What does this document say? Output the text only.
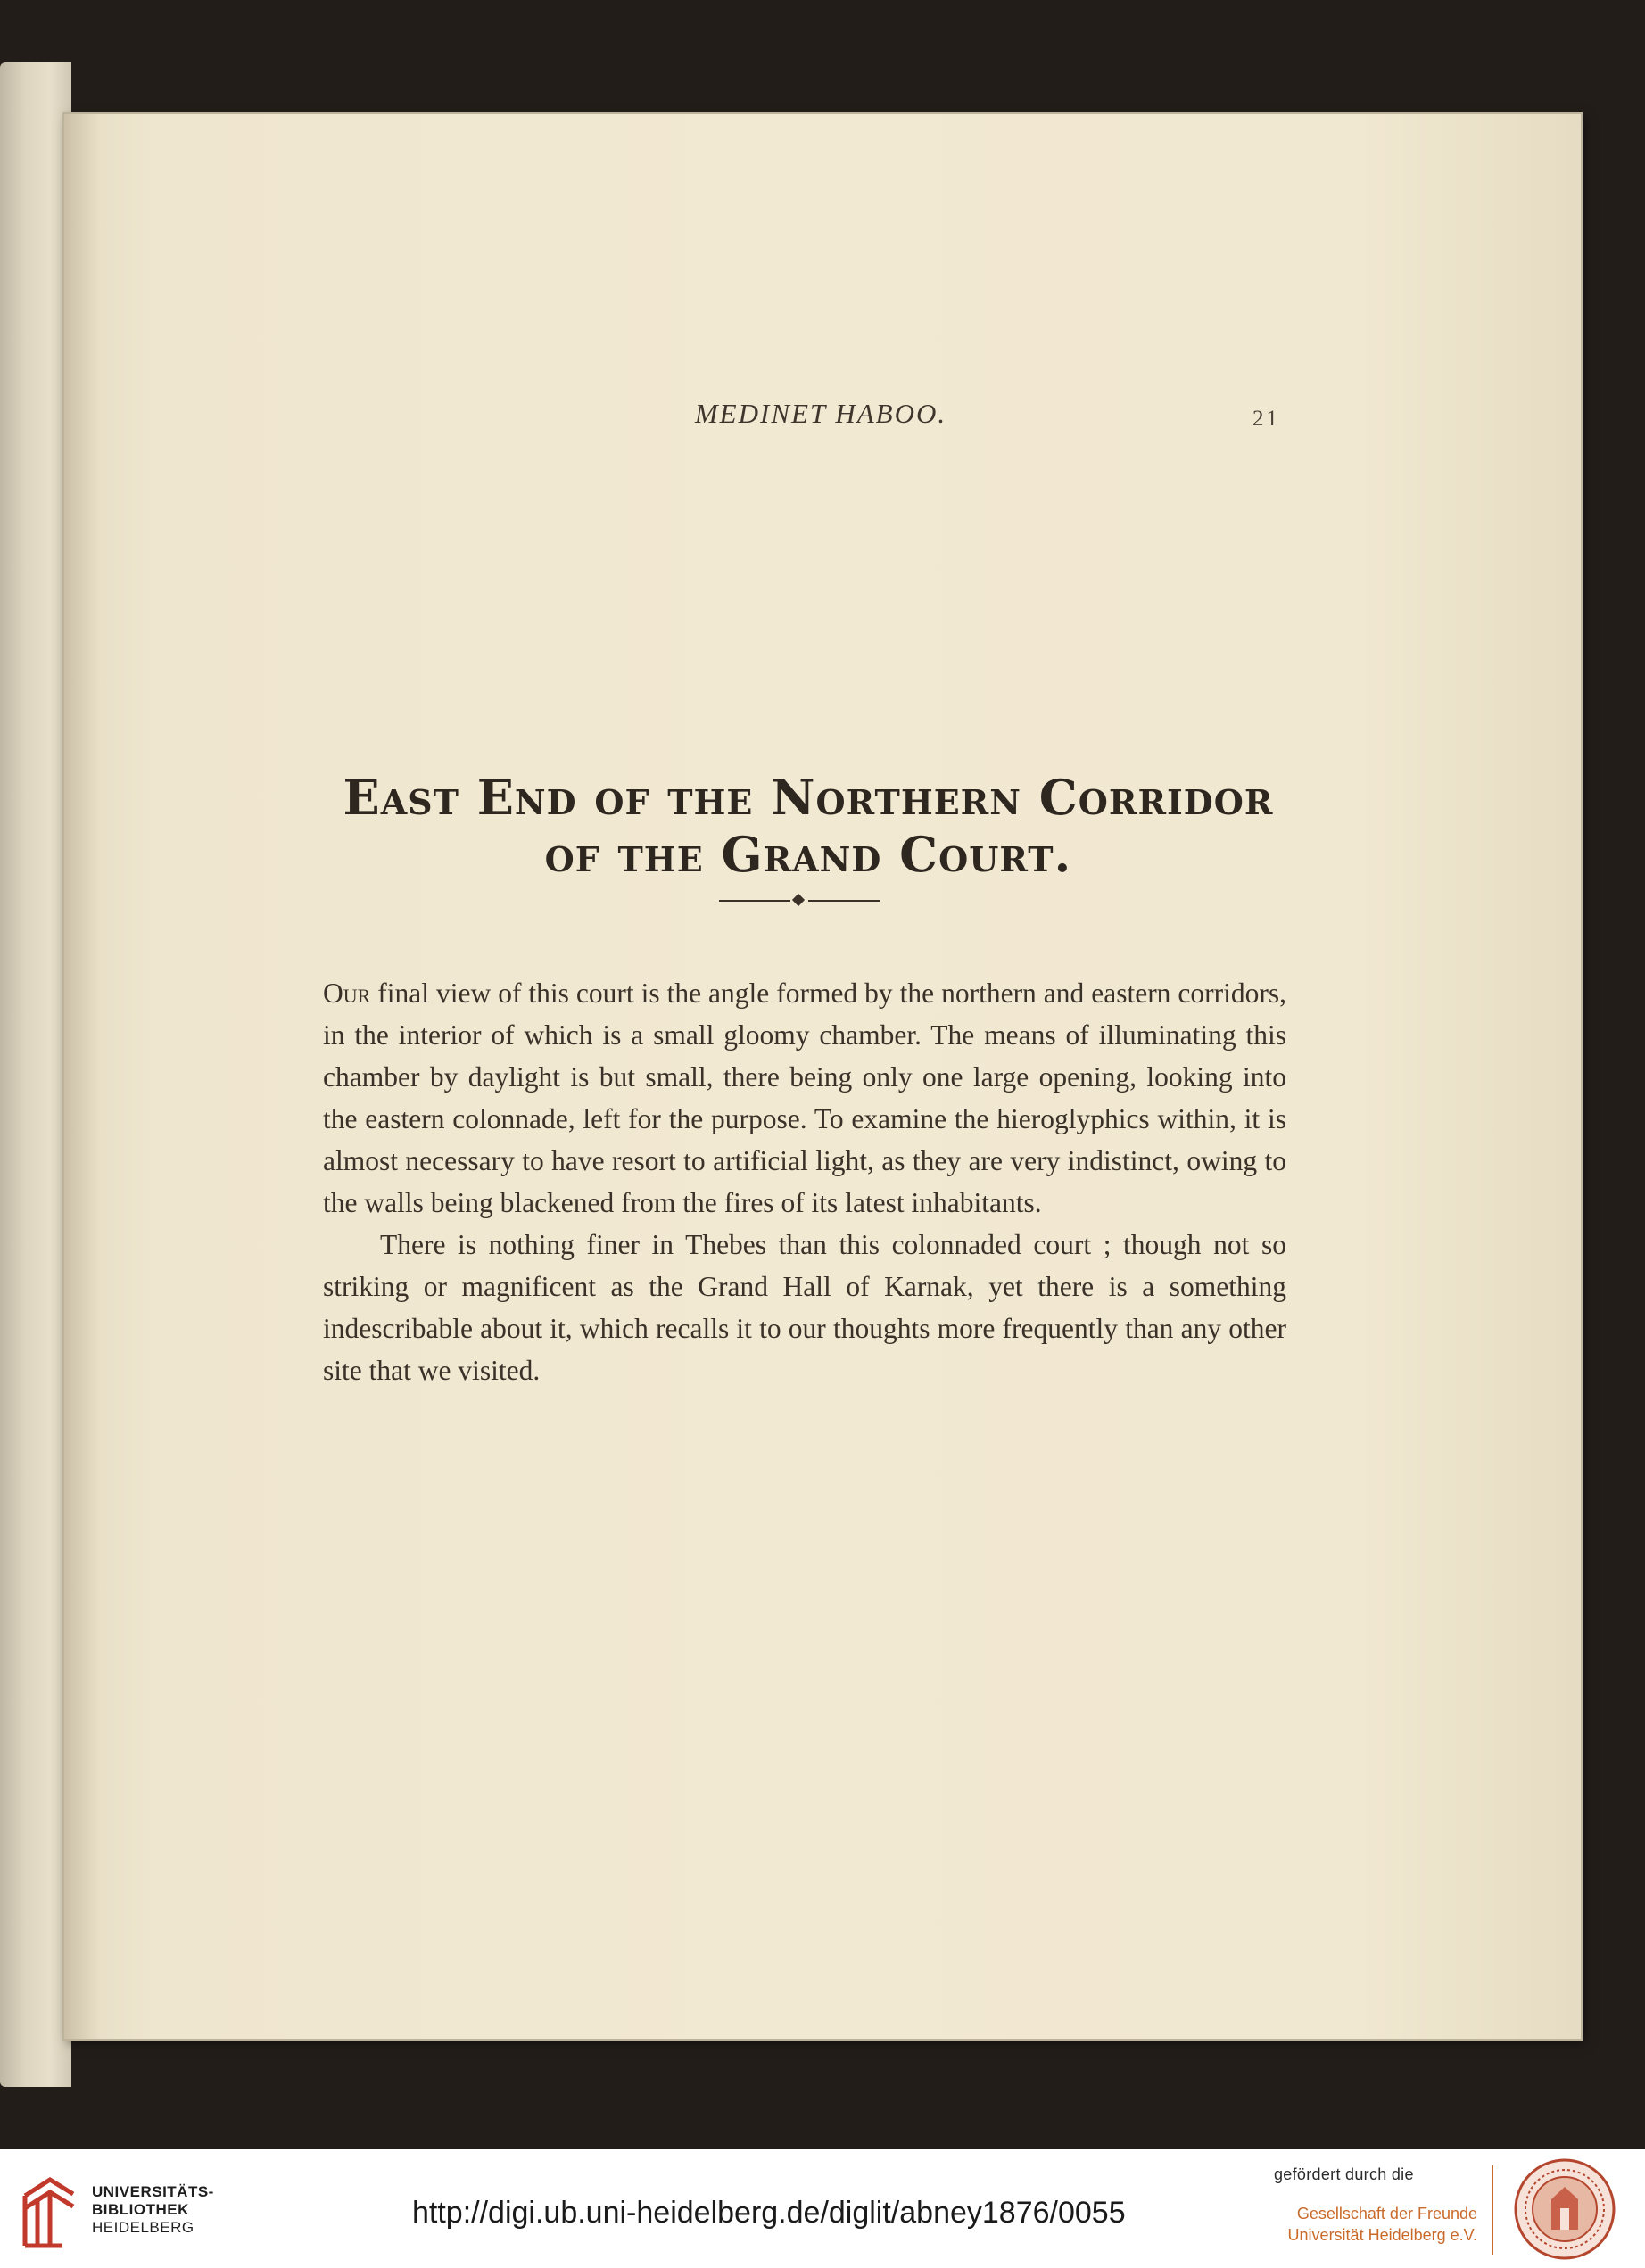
MEDINET HABOO.	21
East End of the Northern Corridor of the Grand Court.

Our final view of this court is the angle formed by the northern and eastern corridors, in the interior of which is a small gloomy chamber. The means of illuminating this chamber by daylight is but small, there being only one large opening, looking into the eastern colonnade, left for the purpose. To examine the hieroglyphics within, it is almost necessary to have resort to artificial light, as they are very indistinct, owing to the walls being blackened from the fires of its latest inhabitants.

There is nothing finer in Thebes than this colonnaded court ; though not so striking or magnificent as the Grand Hall of Karnak, yet there is a something indescribable about it, which recalls it to our thoughts more frequently than any other site that we visited.

UNIVERSITÄTS-
BIBLIOTHEK
HEIDELBERG	http://digi.ub.uni-heidelberg.de/diglit/abney1876/0055
gefördert durch die
Gesellschaft der Freunde
Universität Heidelberg e.V.
